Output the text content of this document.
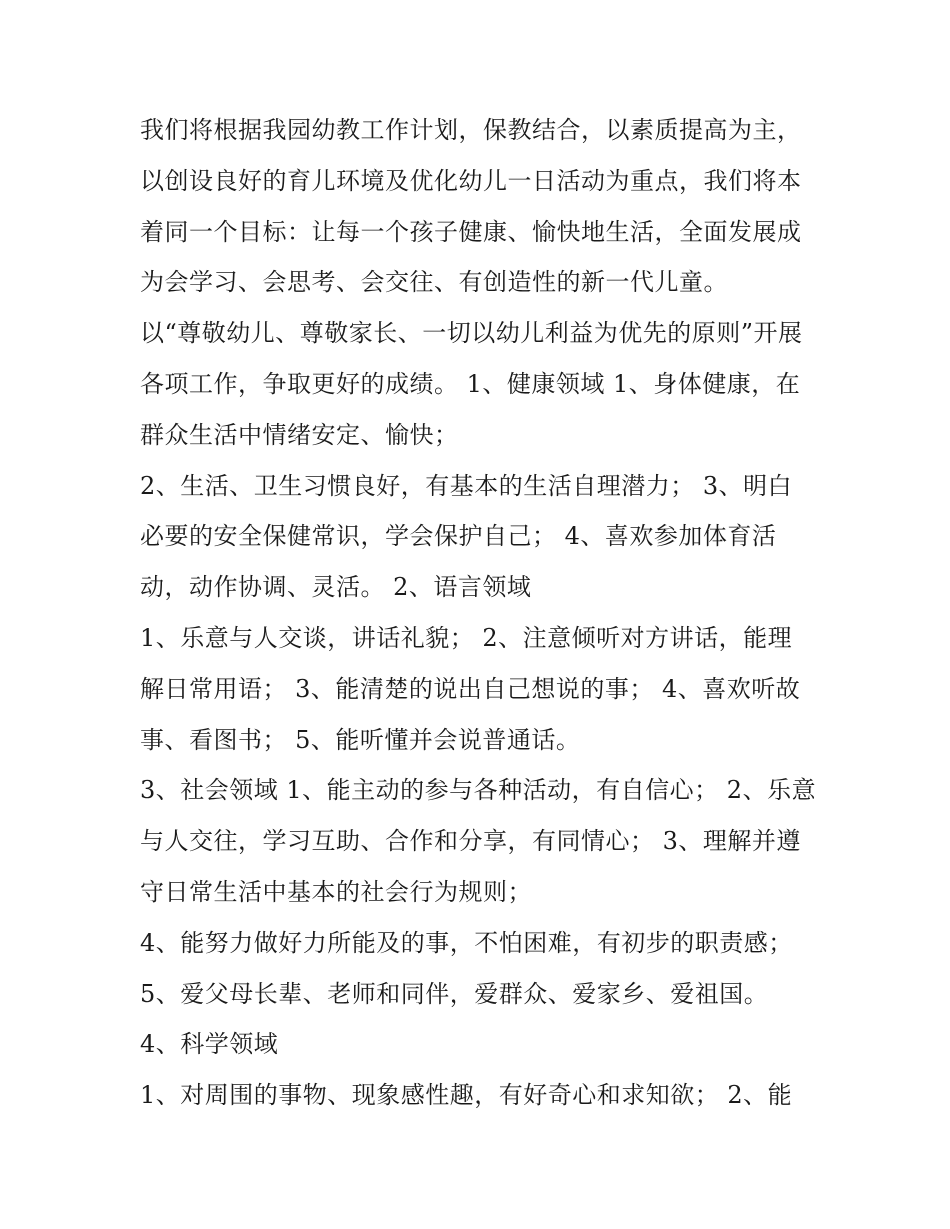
我们将根据我园幼教工作计划，保教结合，以素质提高为主，
以创设良好的育儿环境及优化幼儿一日活动为重点，我们将本
着同一个目标：让每一个孩子健康、愉快地生活，全面发展成
为会学习、会思考、会交往、有创造性的新一代儿童。
以“尊敬幼儿、尊敬家长、一切以幼儿利益为优先的原则”开展
各项工作，争取更好的成绩。 1、健康领域 1、身体健康，在
群众生活中情绪安定、愉快；
2、生活、卫生习惯良好，有基本的生活自理潜力； 3、明白
必要的安全保健常识，学会保护自己； 4、喜欢参加体育活
动，动作协调、灵活。 2、语言领域
1、乐意与人交谈，讲话礼貌； 2、注意倾听对方讲话，能理
解日常用语； 3、能清楚的说出自己想说的事； 4、喜欢听故
事、看图书； 5、能听懂并会说普通话。
3、社会领域 1、能主动的参与各种活动，有自信心； 2、乐意
与人交往，学习互助、合作和分享，有同情心； 3、理解并遵
守日常生活中基本的社会行为规则；
4、能努力做好力所能及的事，不怕困难，有初步的职责感；
5、爱父母长辈、老师和同伴，爱群众、爱家乡、爱祖国。
4、科学领域
1、对周围的事物、现象感性趣，有好奇心和求知欲； 2、能
